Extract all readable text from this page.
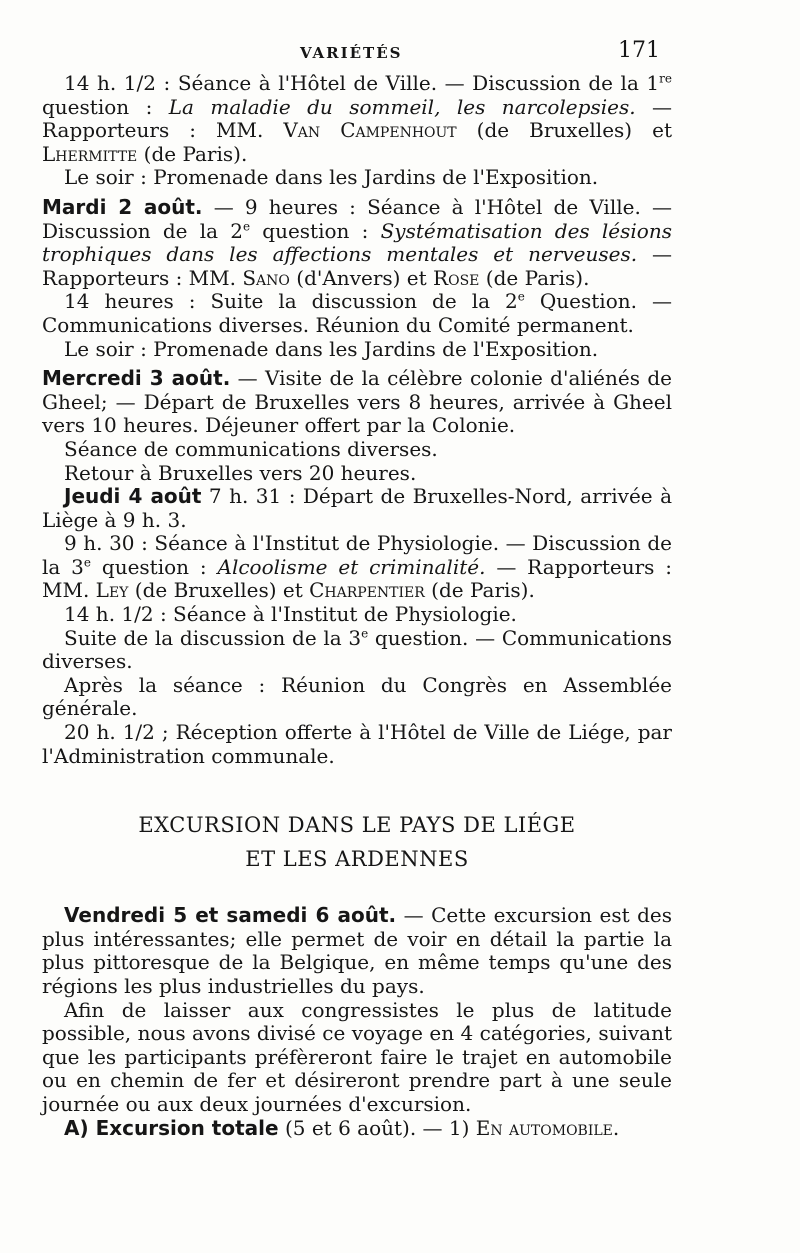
VARIÉTÉS	171

14 h. 1/2 : Séance à l'Hôtel de Ville. — Discussion de la 1re question : La maladie du sommeil, les narcolepsies. — Rapporteurs : MM. Van Campenhout (de Bruxelles) et Lhermitte (de Paris).

Le soir : Promenade dans les Jardins de l'Exposition.

Mardi 2 août. — 9 heures : Séance à l'Hôtel de Ville. — Discussion de la 2e question : Systématisation des lésions trophiques dans les affections mentales et nerveuses. — Rapporteurs : MM. Sano (d'Anvers) et Rose (de Paris).

14 heures : Suite la discussion de la 2e Question. — Communications diverses. Réunion du Comité permanent.

Le soir : Promenade dans les Jardins de l'Exposition.

Mercredi 3 août. — Visite de la célèbre colonie d'aliénés de Gheel; — Départ de Bruxelles vers 8 heures, arrivée à Gheel vers 10 heures. Déjeuner offert par la Colonie.

Séance de communications diverses.

Retour à Bruxelles vers 20 heures.

Jeudi 4 août 7 h. 31 : Départ de Bruxelles-Nord, arrivée à Liège à 9 h. 3.

9 h. 30 : Séance à l'Institut de Physiologie. — Discussion de la 3e question : Alcoolisme et criminalité. — Rapporteurs : MM. Ley (de Bruxelles) et Charpentier (de Paris).

14 h. 1/2 : Séance à l'Institut de Physiologie.

Suite de la discussion de la 3e question. — Communications diverses.

Après la séance : Réunion du Congrès en Assemblée générale.

20 h. 1/2 ; Réception offerte à l'Hôtel de Ville de Liége, par l'Administration communale.

EXCURSION DANS LE PAYS DE LIÉGE
ET LES ARDENNES

Vendredi 5 et samedi 6 août. — Cette excursion est des plus intéressantes; elle permet de voir en détail la partie la plus pittoresque de la Belgique, en même temps qu'une des régions les plus industrielles du pays.

Afin de laisser aux congressistes le plus de latitude possible, nous avons divisé ce voyage en 4 catégories, suivant que les participants préfèreront faire le trajet en automobile ou en chemin de fer et désireront prendre part à une seule journée ou aux deux journées d'excursion.

A) Excursion totale (5 et 6 août). — 1) En automobile.
